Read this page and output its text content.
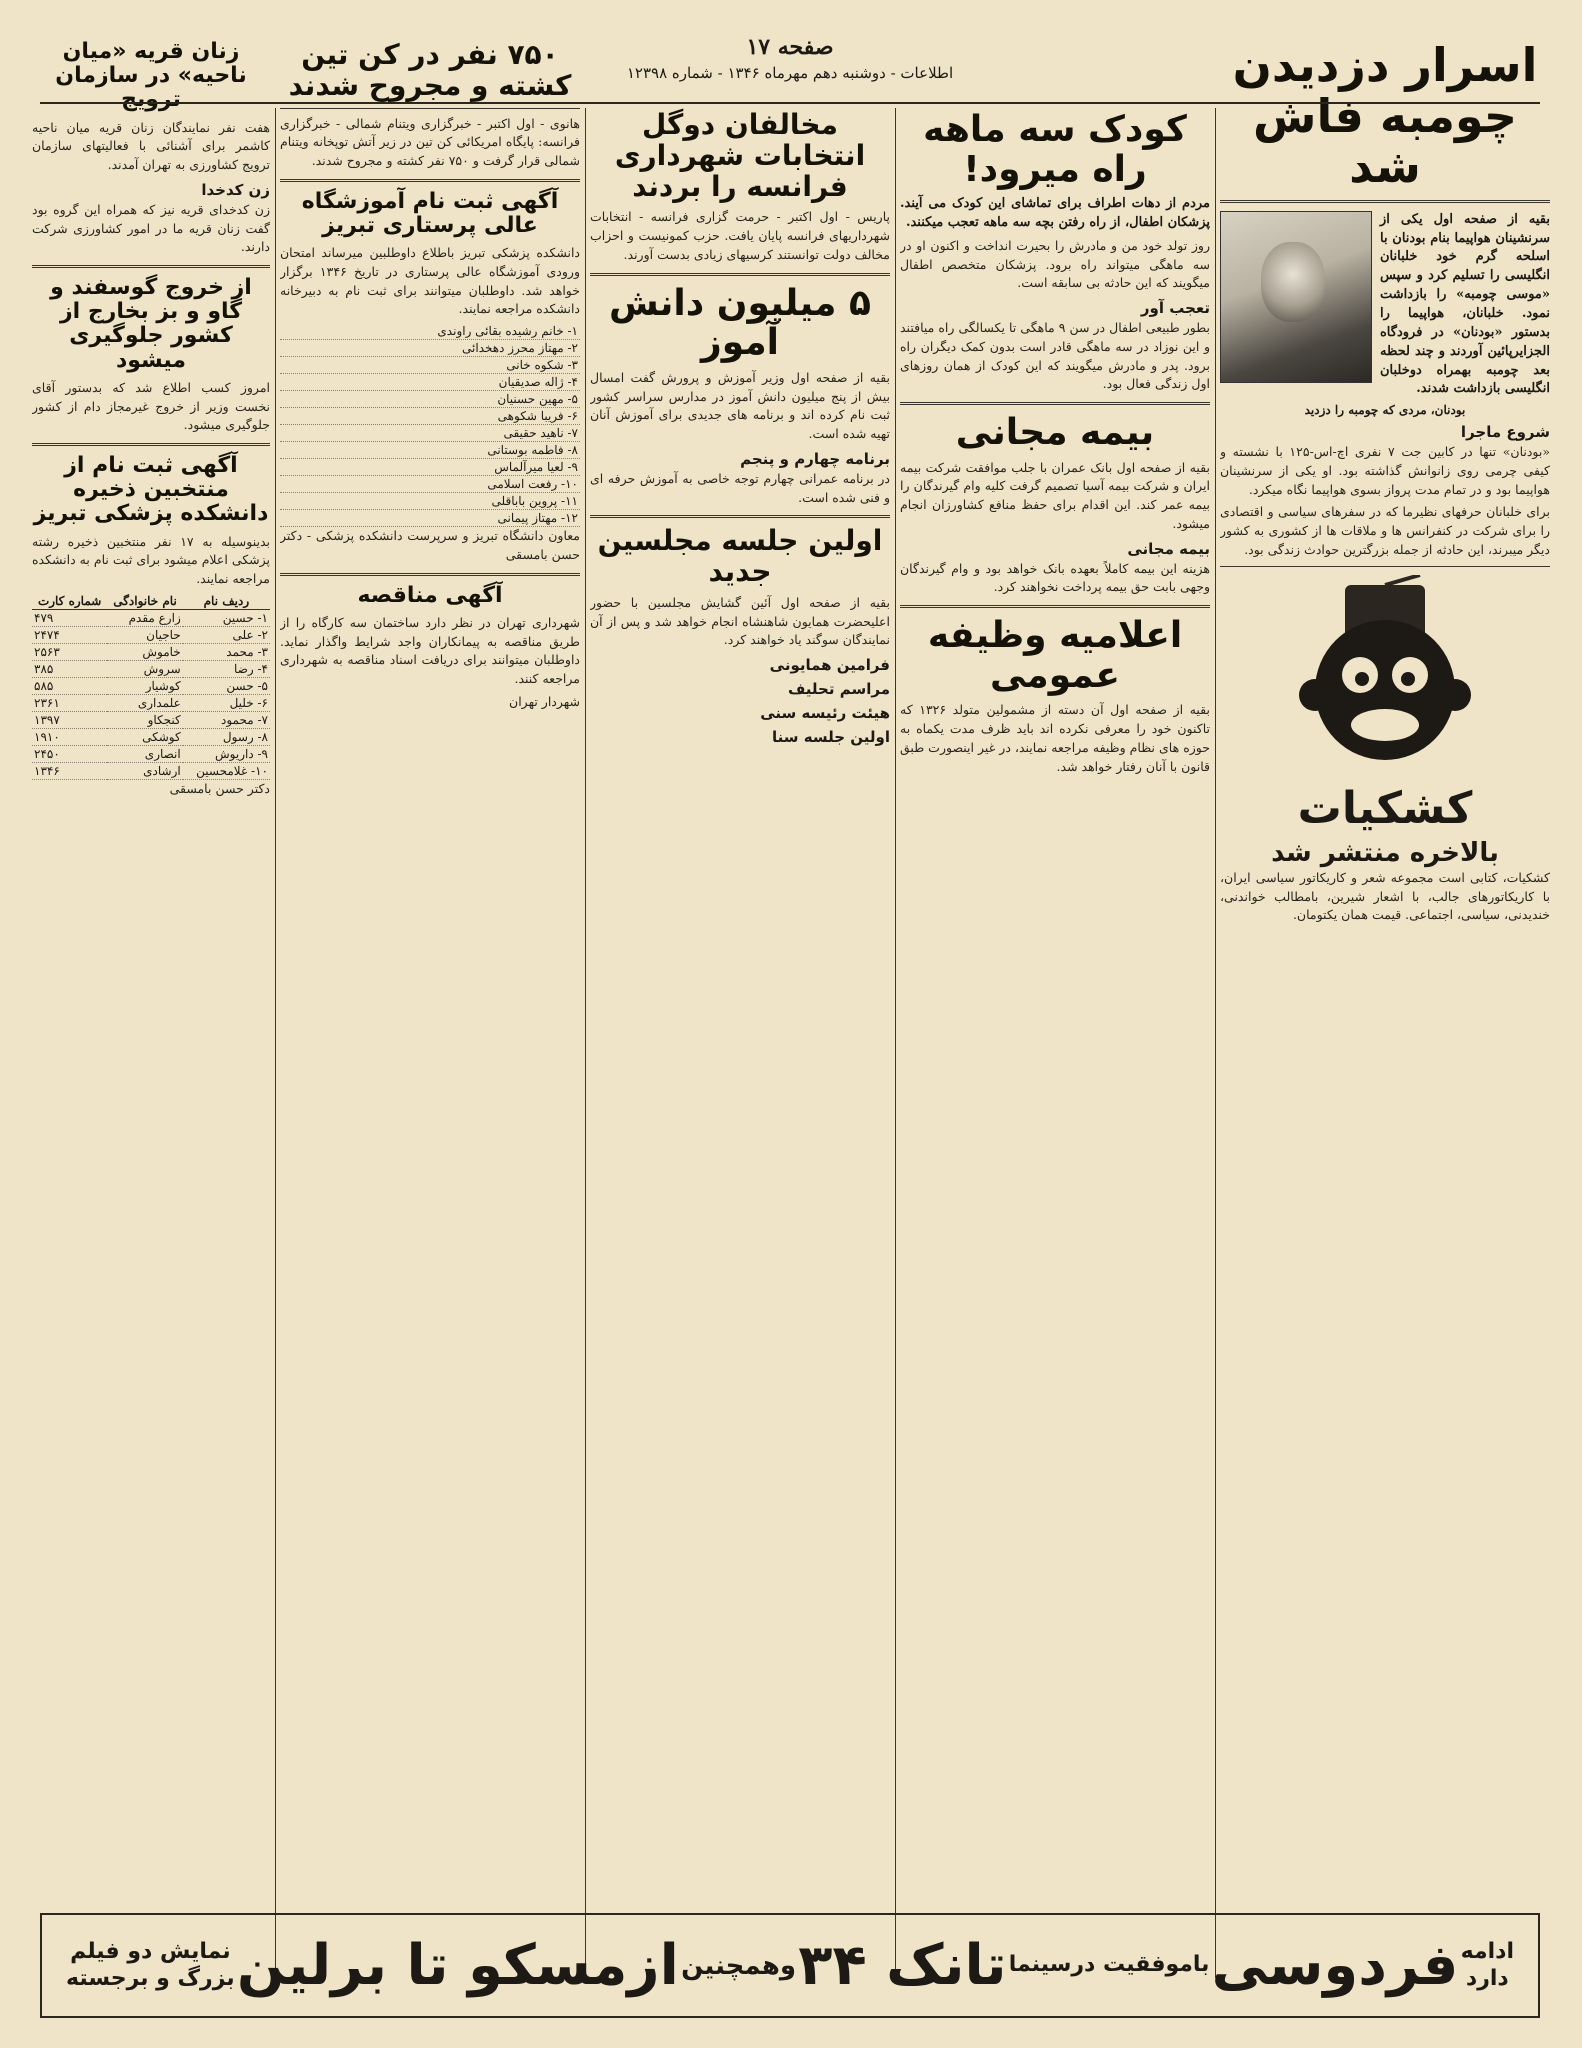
صفحه ۱۷
اطلاعات - دوشنبه دهم مهرماه ۱۳۴۶ - شماره ۱۲۳۹۸	اسرار دزدیدن چومبه فاش شد

بقیه از صفحه اول یکی از سرنشینان هواپیما بنام بودنان با اسلحه گرم خود خلبانان انگلیسی را تسلیم کرد و سپس «موسی چومبه» را بازداشت نمود. خلبانان، هواپیما را بدستور «بودنان» در فرودگاه الجزایرپائین آوردند و چند لحظه بعد چومبه بهمراه دوخلبان انگلیسی بازداشت شدند.

بودنان، مردی که چومبه را دزدید
شروع ماجرا

«بودنان» تنها در کابین جت ۷ نفری اچ-اس-۱۲۵ با نشسته و کیفی چرمی روی زانوانش گذاشته بود. او یکی از سرنشینان هواپیما بود و در تمام مدت پرواز بسوی هواپیما نگاه میکرد.

برای خلبانان حرفهای نظیرما که در سفرهای سیاسی و اقتصادی را برای شرکت در کنفرانس ها و ملاقات ها از کشوری به کشور دیگر میبرند، این حادثه از جمله بزرگترین حوادث زندگی بود.

کشکیات
بالاخره منتشر شد

کشکیات، کتابی است مجموعه شعر و کاریکاتور سیاسی ایران، با کاریکاتورهای جالب، با اشعار شیرین، بامطالب خواندنی، خندیدنی، سیاسی، اجتماعی. قیمت همان یکتومان.

کودک سه ماهه راه میرود!

مردم از دهات اطراف برای تماشای این کودک می آیند. پزشکان اطفال، از راه رفتن بچه سه ماهه تعجب میکنند.

روز تولد خود من و مادرش را بحیرت انداخت و اکنون او در سه ماهگی میتواند راه برود. پزشکان متخصص اطفال میگویند که این حادثه بی سابقه است.

تعجب آور

بطور طبیعی اطفال در سن ۹ ماهگی تا یکسالگی راه میافتند و این نوزاد در سه ماهگی قادر است بدون کمک دیگران راه برود. پدر و مادرش میگویند که این کودک از همان روزهای اول زندگی فعال بود.

بیمه مجانی

بقیه از صفحه اول بانک عمران با جلب موافقت شرکت بیمه ایران و شرکت بیمه آسیا تصمیم گرفت کلیه وام گیرندگان را بیمه عمر کند. این اقدام برای حفظ منافع کشاورزان انجام میشود.

بیمه مجانی

هزینه این بیمه کاملاً بعهده بانک خواهد بود و وام گیرندگان وجهی بابت حق بیمه پرداخت نخواهند کرد.

اعلامیه وظیفه عمومی

بقیه از صفحه اول آن دسته از مشمولین متولد ۱۳۲۶ که تاکنون خود را معرفی نکرده اند باید ظرف مدت یکماه به حوزه های نظام وظیفه مراجعه نمایند، در غیر اینصورت طبق قانون با آنان رفتار خواهد شد.

مخالفان دوگل انتخابات شهرداری فرانسه را بردند

پاریس - اول اکتبر - حرمت گزاری فرانسه - انتخابات شهرداریهای فرانسه پایان یافت. حزب کمونیست و احزاب مخالف دولت توانستند کرسیهای زیادی بدست آورند.

۵ میلیون دانش آموز

بقیه از صفحه اول وزیر آموزش و پرورش گفت امسال بیش از پنج میلیون دانش آموز در مدارس سراسر کشور ثبت نام کرده اند و برنامه های جدیدی برای آموزش آنان تهیه شده است.

برنامه چهارم و پنجم

در برنامه عمرانی چهارم توجه خاصی به آموزش حرفه ای و فنی شده است.

اولین جلسه مجلسین جدید

بقیه از صفحه اول آئین گشایش مجلسین با حضور اعلیحضرت همایون شاهنشاه انجام خواهد شد و پس از آن نمایندگان سوگند یاد خواهند کرد.

فرامین همایونی
مراسم تحلیف
هیئت رئیسه سنی
اولین جلسه سنا
۷۵۰ نفر در کن تین کشته و مجروح شدند

هانوی - اول اکتبر - خبرگزاری ویتنام شمالی - خبرگزاری فرانسه: پایگاه امریکائی کن تین در زیر آتش توپخانه ویتنام شمالی قرار گرفت و ۷۵۰ نفر کشته و مجروح شدند.

آگهی ثبت نام آموزشگاه عالی پرستاری تبریز

دانشکده پزشکی تبریز باطلاع داوطلبین میرساند امتحان ورودی آموزشگاه عالی پرستاری در تاریخ ۱۳۴۶ برگزار خواهد شد. داوطلبان میتوانند برای ثبت نام به دبیرخانه دانشکده مراجعه نمایند.

۱- خانم رشیده بقائی راوندی
۲- مهتاز محرز دهخدائی
۳- شکوه خانی
۴- ژاله صدیقیان
۵- مهین حسنیان
۶- فریبا شکوهی
۷- ناهید حقیقی
۸- فاطمه بوستانی
۹- لعیا میرآلماس
۱۰- رفعت اسلامی
۱۱- پروین باباقلی
۱۲- مهتاز پیمانی

معاون دانشگاه تبریز و سرپرست دانشکده پزشکی - دکتر حسن بامسقی

آگهی مناقصه

شهرداری تهران در نظر دارد ساختمان سه کارگاه را از طریق مناقصه به پیمانکاران واجد شرایط واگذار نماید. داوطلبان میتوانند برای دریافت اسناد مناقصه به شهرداری مراجعه کنند.

شهردار تهران

زنان قریه «میان ناحیه» در سازمان ترویج

هفت نفر نمایندگان زنان قریه میان ناحیه کاشمر برای آشنائی با فعالیتهای سازمان ترویج کشاورزی به تهران آمدند.

زن کدخدا

زن کدخدای قریه نیز که همراه این گروه بود گفت زنان قریه ما در امور کشاورزی شرکت دارند.

از خروج گوسفند و گاو و بز بخارج از کشور جلوگیری میشود

امروز کسب اطلاع شد که بدستور آقای نخست وزیر از خروج غیرمجاز دام از کشور جلوگیری میشود.

آگهی ثبت نام از منتخبین ذخیره دانشکده پزشکی تبریز

بدینوسیله به ۱۷ نفر منتخبین ذخیره رشته پزشکی اعلام میشود برای ثبت نام به دانشکده مراجعه نمایند.

ردیف نام	نام خانوادگی	شماره کارت
۱- حسین	زارع مقدم	۴۷۹
۲- علی	حاجیان	۲۴۷۴
۳- محمد	خاموش	۲۵۶۳
۴- رضا	سروش	۳۸۵
۵- حسن	کوشیار	۵۸۵
۶- خلیل	علمداری	۲۳۶۱
۷- محمود	کنجکاو	۱۳۹۷
۸- رسول	کوشکی	۱۹۱۰
۹- داریوش	انصاری	۲۴۵۰
۱۰- غلامحسین	ارشادی	۱۳۴۶

دکتر حسن بامسقی

ادامه
دارد
فردوسی
باموفقیت درسینما
تانک ۳۴
وهمچنین
ازمسکو تا برلین
نمایش دو فیلم
بزرگ و برجسته
